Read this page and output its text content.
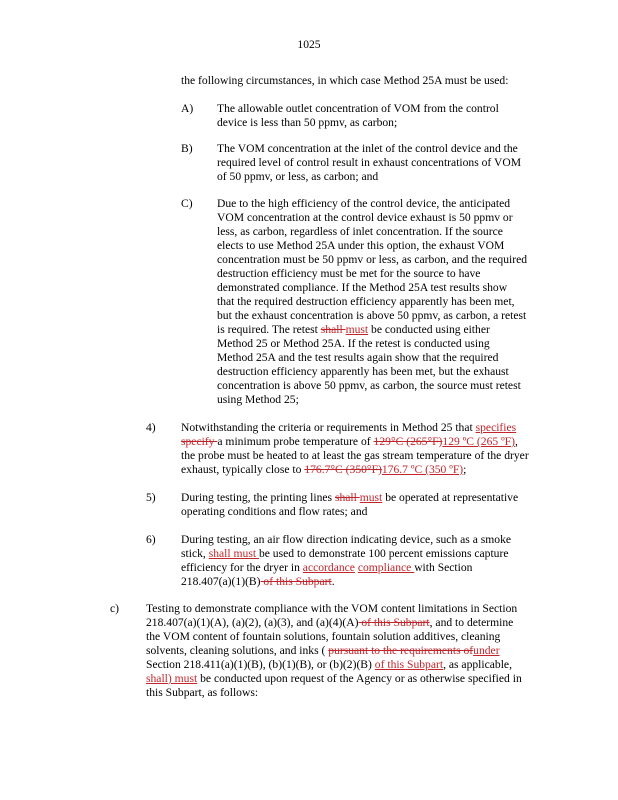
1025
the following circumstances, in which case Method 25A must be used:
A) The allowable outlet concentration of VOM from the control
device is less than 50 ppmv, as carbon;
B) The VOM concentration at the inlet of the control device and the
required level of control result in exhaust concentrations of VOM
of 50 ppmv, or less, as carbon; and
C) Due to the high efficiency of the control device, the anticipated
VOM concentration at the control device exhaust is 50 ppmv or
less, as carbon, regardless of inlet concentration. If the source
elects to use Method 25A under this option, the exhaust VOM
concentration must be 50 ppmv or less, as carbon, and the required
destruction efficiency must be met for the source to have
demonstrated compliance. If the Method 25A test results show
that the required destruction efficiency apparently has been met,
but the exhaust concentration is above 50 ppmv, as carbon, a retest
is required. The retest shall must be conducted using either
Method 25 or Method 25A. If the retest is conducted using
Method 25A and the test results again show that the required
destruction efficiency apparently has been met, but the exhaust
concentration is above 50 ppmv, as carbon, the source must retest
using Method 25;
4) Notwithstanding the criteria or requirements in Method 25 that specifies
specify a minimum probe temperature of 129°C (265°F)129 ºC (265 ºF),
the probe must be heated to at least the gas stream temperature of the dryer
exhaust, typically close to 176.7°C (350°F)176.7 ºC (350 ºF);
5) During testing, the printing lines shall must be operated at representative
operating conditions and flow rates; and
6) During testing, an air flow direction indicating device, such as a smoke
stick, shall must be used to demonstrate 100 percent emissions capture
efficiency for the dryer in accordance compliance with Section
218.407(a)(1)(B) of this Subpart.
c) Testing to demonstrate compliance with the VOM content limitations in Section
218.407(a)(1)(A), (a)(2), (a)(3), and (a)(4)(A) of this Subpart, and to determine
the VOM content of fountain solutions, fountain solution additives, cleaning
solvents, cleaning solutions, and inks ( pursuant to the requirements ofunder
Section 218.411(a)(1)(B), (b)(1)(B), or (b)(2)(B) of this Subpart, as applicable,
shall) must be conducted upon request of the Agency or as otherwise specified in
this Subpart, as follows:
